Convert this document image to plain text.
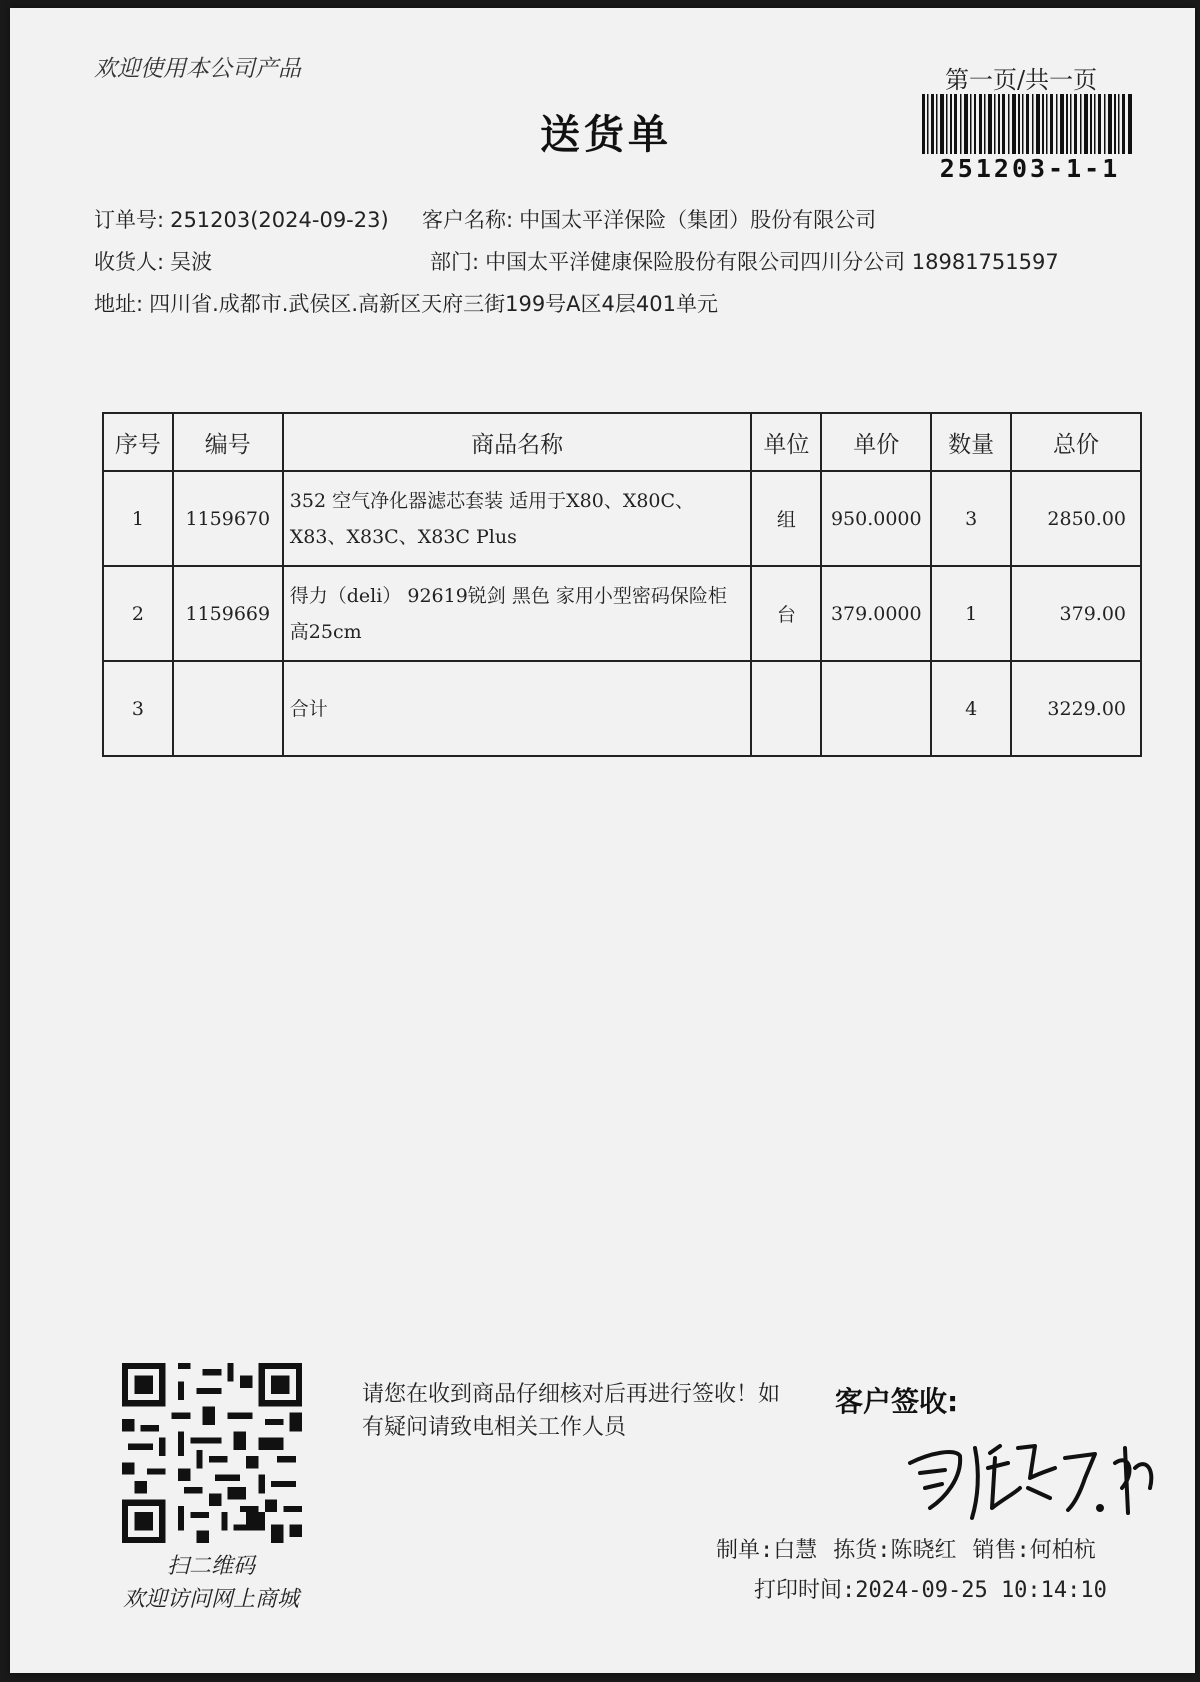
欢迎使用本公司产品	第一页/共一页
251203-1-1
送货单
订单号: 251203(2024-09-23) 客户名称: 中国太平洋保险（集团）股份有限公司
收货人: 吴波	部门: 中国太平洋健康保险股份有限公司四川分公司 18981751597
地址: 四川省.成都市.武侯区.高新区天府三街199号A区4层401单元
序号	编号	商品名称	单位	单价	数量	总价
1	1159670	352 空气净化器滤芯套装 适用于X80、X80C、X83、X83C、X83C Plus	组	950.0000	3	2850.00
2	1159669	得力（deli） 92619锐剑 黑色 家用小型密码保险柜 高25cm	台	379.0000	1	379.00
3		合计			4	3229.00
扫二维码
欢迎访问网上商城
请您在收到商品仔细核对后再进行签收！如有疑问请致电相关工作人员
客户签收:
制单:白慧 拣货:陈晓红 销售:何柏杭
打印时间:2024-09-25 10:14:10
